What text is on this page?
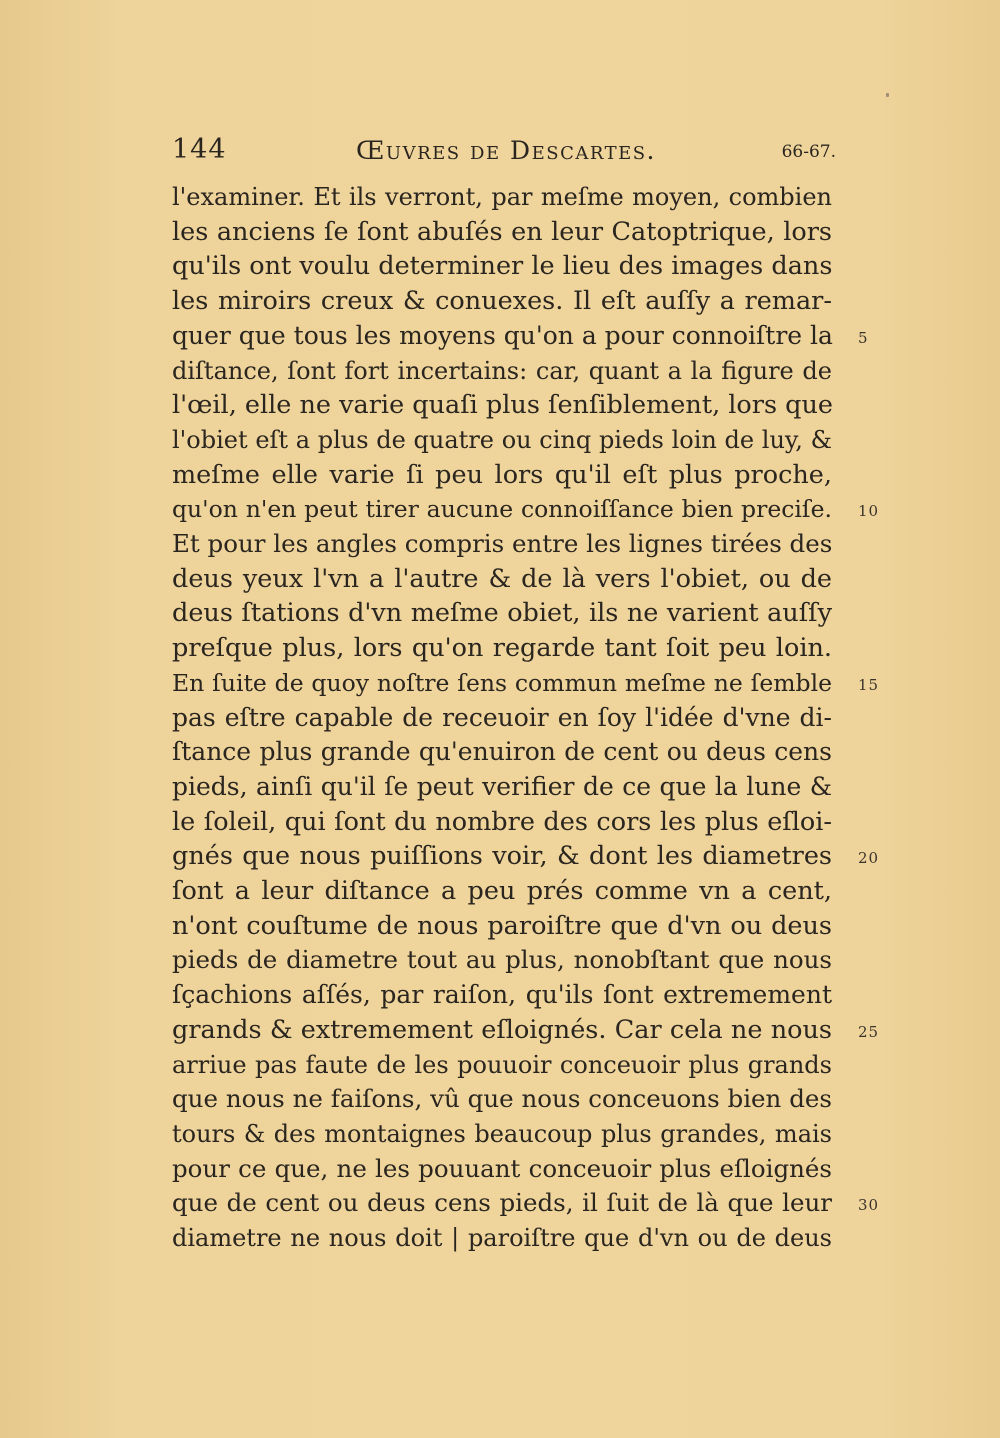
144	Œuvres de Descartes.	66-67.
l'examiner. Et ils verront, par meſme moyen, combien
les anciens ſe ſont abuſés en leur Catoptrique, lors
qu'ils ont voulu determiner le lieu des images dans
les miroirs creux & conuexes. Il eſt auſſy a remar-
quer que tous les moyens qu'on a pour connoiſtre la
diſtance, ſont fort incertains: car, quant a la figure de
l'œil, elle ne varie quaſi plus ſenſiblement, lors que
l'obiet eſt a plus de quatre ou cinq pieds loin de luy, &
meſme elle varie ſi peu lors qu'il eſt plus proche,
qu'on n'en peut tirer aucune connoiſſance bien preciſe.
Et pour les angles compris entre les lignes tirées des
deus yeux l'vn a l'autre & de là vers l'obiet, ou de
deus ſtations d'vn meſme obiet, ils ne varient auſſy
preſque plus, lors qu'on regarde tant ſoit peu loin.
En ſuite de quoy noſtre ſens commun meſme ne ſemble
pas eſtre capable de receuoir en ſoy l'idée d'vne di-
ſtance plus grande qu'enuiron de cent ou deus cens
pieds, ainſi qu'il ſe peut verifier de ce que la lune &
le ſoleil, qui ſont du nombre des cors les plus eſloi-
gnés que nous puiſſions voir, & dont les diametres
ſont a leur diſtance a peu prés comme vn a cent,
n'ont couſtume de nous paroiſtre que d'vn ou deus
pieds de diametre tout au plus, nonobſtant que nous
ſçachions aſſés, par raiſon, qu'ils ſont extremement
grands & extremement eſloignés. Car cela ne nous
arriue pas faute de les pouuoir conceuoir plus grands
que nous ne faiſons, vû que nous conceuons bien des
tours & des montaignes beaucoup plus grandes, mais
pour ce que, ne les pouuant conceuoir plus eſloignés
que de cent ou deus cens pieds, il ſuit de là que leur
diametre ne nous doit | paroiſtre que d'vn ou de deus
5
10
15
20
25
30
